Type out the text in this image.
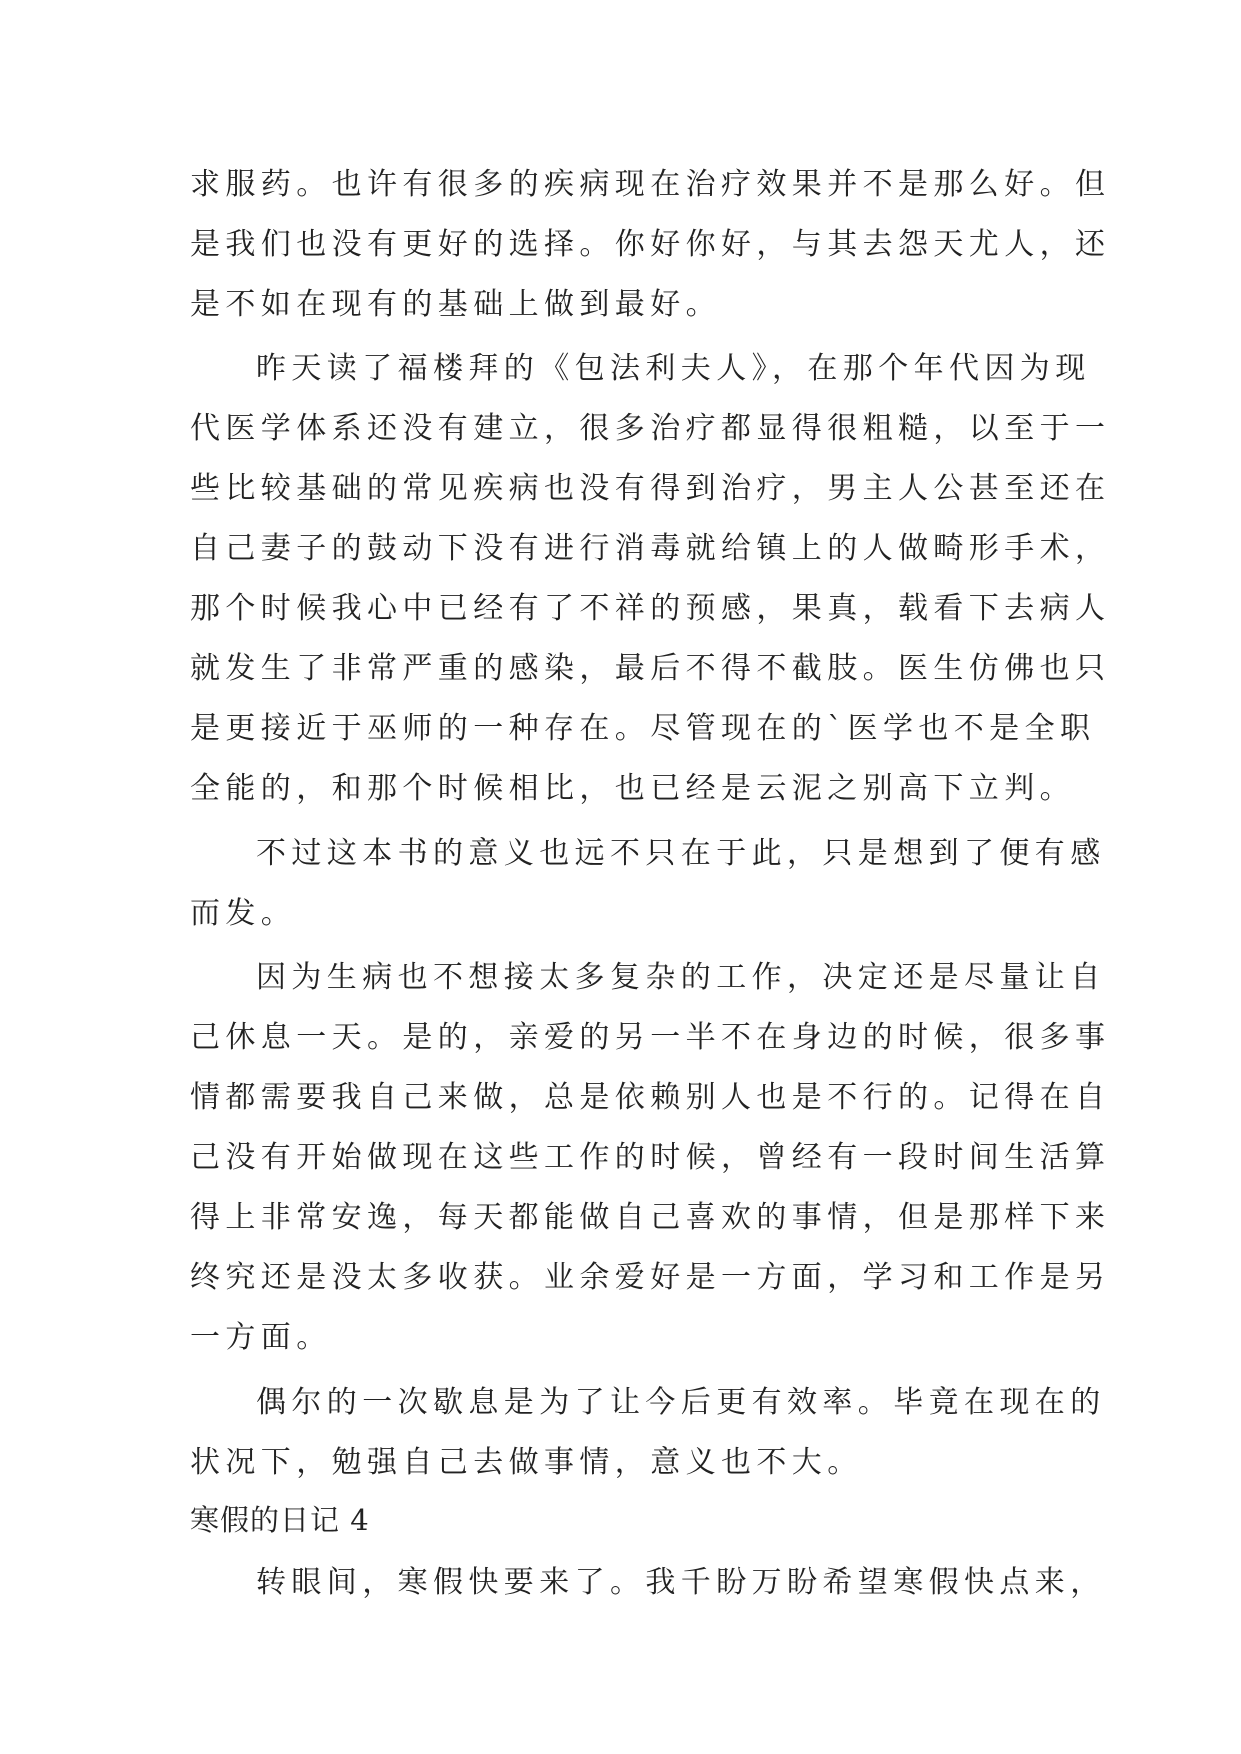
求服药。也许有很多的疾病现在治疗效果并不是那么好。但
是我们也没有更好的选择。你好你好，与其去怨天尤人，还
是不如在现有的基础上做到最好。
昨天读了福楼拜的《包法利夫人》，在那个年代因为现
代医学体系还没有建立，很多治疗都显得很粗糙，以至于一
些比较基础的常见疾病也没有得到治疗，男主人公甚至还在
自己妻子的鼓动下没有进行消毒就给镇上的人做畸形手术，
那个时候我心中已经有了不祥的预感，果真，载看下去病人
就发生了非常严重的感染，最后不得不截肢。医生仿佛也只
是更接近于巫师的一种存在。尽管现在的`医学也不是全职
全能的，和那个时候相比，也已经是云泥之别高下立判。
不过这本书的意义也远不只在于此，只是想到了便有感
而发。
因为生病也不想接太多复杂的工作，决定还是尽量让自
己休息一天。是的，亲爱的另一半不在身边的时候，很多事
情都需要我自己来做，总是依赖别人也是不行的。记得在自
己没有开始做现在这些工作的时候，曾经有一段时间生活算
得上非常安逸，每天都能做自己喜欢的事情，但是那样下来
终究还是没太多收获。业余爱好是一方面，学习和工作是另
一方面。
偶尔的一次歇息是为了让今后更有效率。毕竟在现在的
状况下，勉强自己去做事情，意义也不大。
寒假的日记 4
转眼间，寒假快要来了。我千盼万盼希望寒假快点来，
